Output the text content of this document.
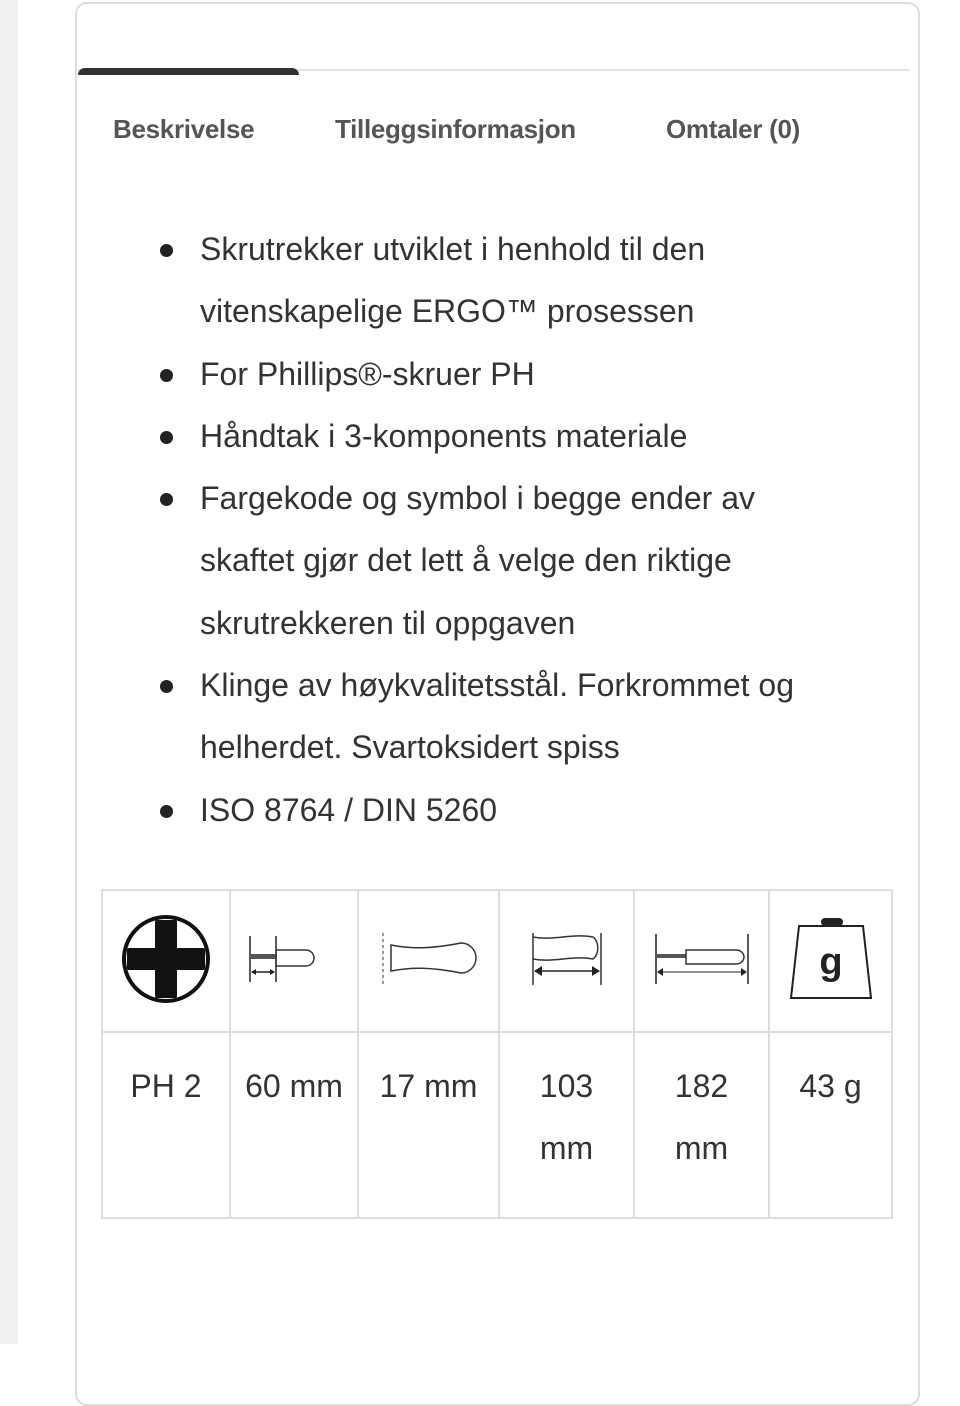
Beskrivelse	Tilleggsinformasjon	Omtaler (0)
Skrutrekker utviklet i henhold til den vitenskapelige ERGO™ prosessen
For Phillips®-skruer PH
Håndtak i 3-komponents materiale
Fargekode og symbol i begge ender av skaftet gjør det lett å velge den riktige skrutrekkeren til oppgaven
Klinge av høykvalitetsstål. Forkrommet og helherdet. Svartoksidert spiss
ISO 8764 / DIN 5260

g

PH 2	60 mm	17 mm	103 mm	182 mm	43 g
